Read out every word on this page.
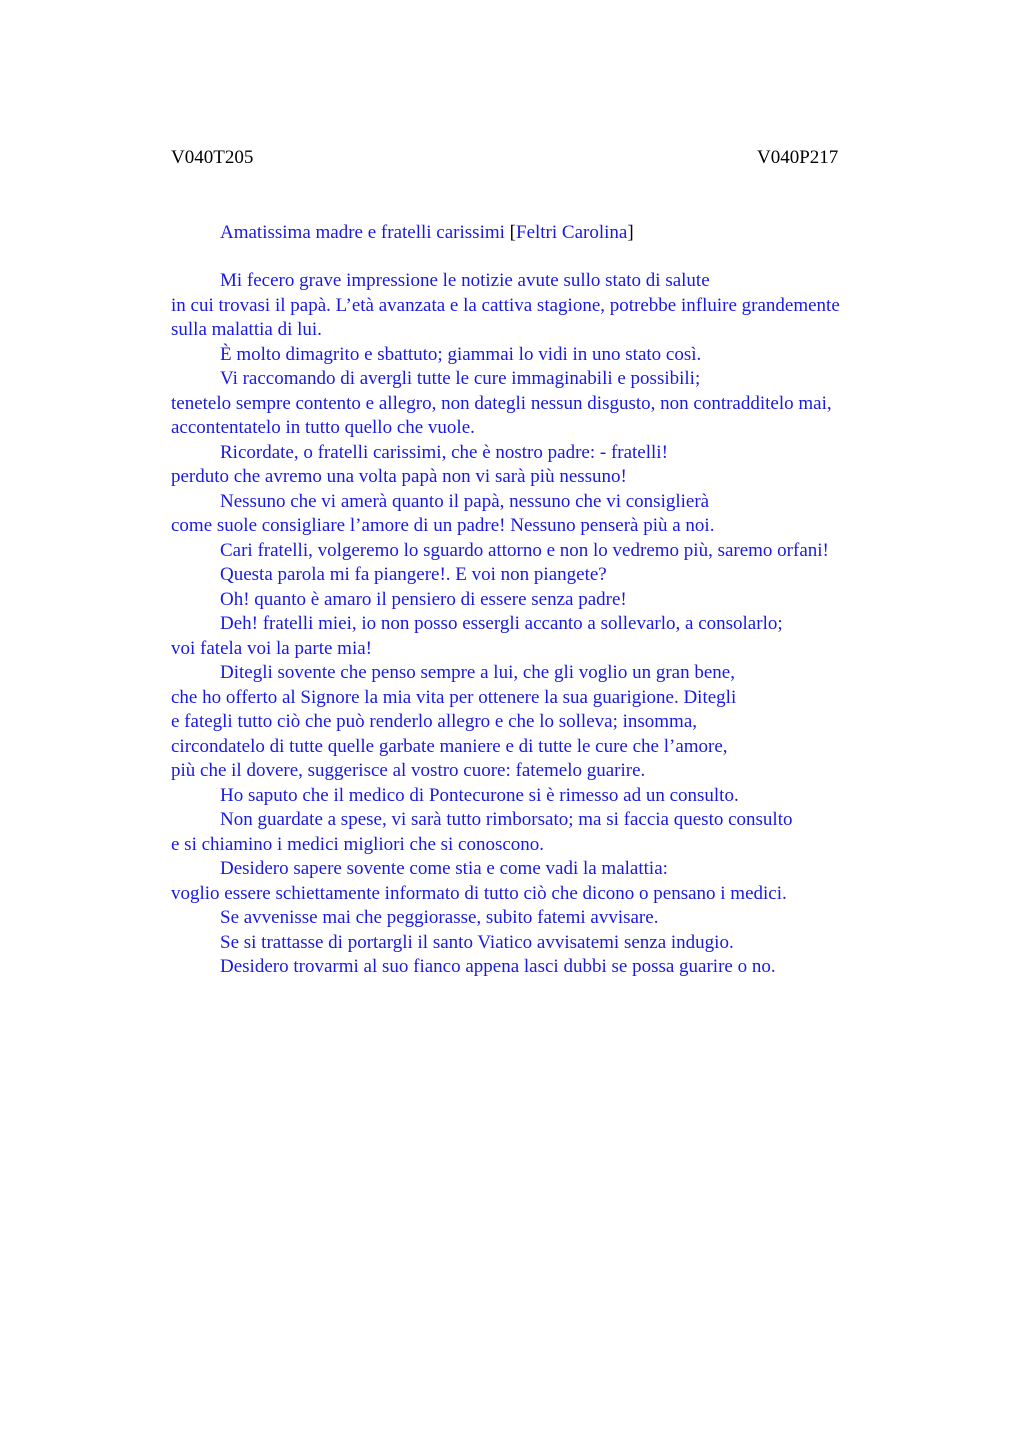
V040T205	V040P217
Amatissima madre e fratelli carissimi [Feltri Carolina]
Mi fecero grave impressione le notizie avute sullo stato di salute
in cui trovasi il papà. L’età avanzata e la cattiva stagione, potrebbe influire grandemente
sulla malattia di lui.
È molto dimagrito e sbattuto; giammai lo vidi in uno stato così.
Vi raccomando di avergli tutte le cure immaginabili e possibili;
tenetelo sempre contento e allegro, non dategli nessun disgusto, non contradditelo mai,
accontentatelo in tutto quello che vuole.
Ricordate, o fratelli carissimi, che è nostro padre: - fratelli!
perduto che avremo una volta papà non vi sarà più nessuno!
Nessuno che vi amerà quanto il papà, nessuno che vi consiglierà
come suole consigliare l’amore di un padre! Nessuno penserà più a noi.
Cari fratelli, volgeremo lo sguardo attorno e non lo vedremo più, saremo orfani!
Questa parola mi fa piangere!. E voi non piangete?
Oh! quanto è amaro il pensiero di essere senza padre!
Deh! fratelli miei, io non posso essergli accanto a sollevarlo, a consolarlo;
voi fatela voi la parte mia!
Ditegli sovente che penso sempre a lui, che gli voglio un gran bene,
che ho offerto al Signore la mia vita per ottenere la sua guarigione. Ditegli
e fategli tutto ciò che può renderlo allegro e che lo solleva; insomma,
circondatelo di tutte quelle garbate maniere e di tutte le cure che l’amore,
più che il dovere, suggerisce al vostro cuore: fatemelo guarire.
Ho saputo che il medico di Pontecurone si è rimesso ad un consulto.
Non guardate a spese, vi sarà tutto rimborsato; ma si faccia questo consulto
e si chiamino i medici migliori che si conoscono.
Desidero sapere sovente come stia e come vadi la malattia:
voglio essere schiettamente informato di tutto ciò che dicono o pensano i medici.
Se avvenisse mai che peggiorasse, subito fatemi avvisare.
Se si trattasse di portargli il santo Viatico avvisatemi senza indugio.
Desidero trovarmi al suo fianco appena lasci dubbi se possa guarire o no.
